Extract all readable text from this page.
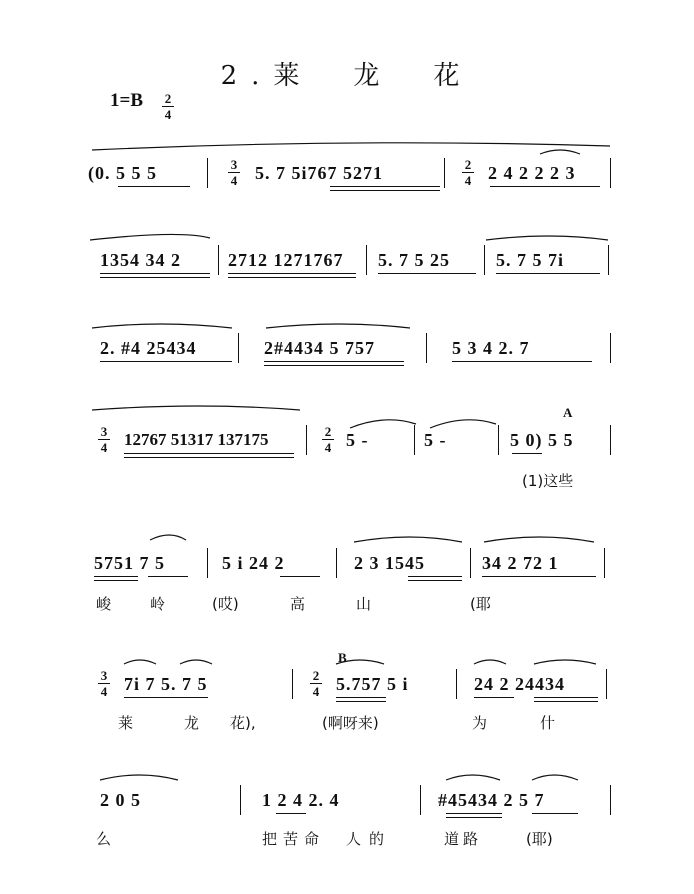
2.莱　龙　花
$1=B \frac{2}{4}$
(0. 5 5 5	$\frac{3}{4} 5$. 7 5i767 5271	$\frac{2}{4} 2$ 4 2 2 2 3
1354 34 2	2712 1271767 5. 7 5 25	5. 7 5 7i
2. #4 25434	2#4434 5 757	5 3 4 2. 7
$\frac{3}{4} 12767$ 51317 137175	$\frac{2}{4} 5$ -	5 -	5 0) 5 5
A
(1)这些
5751 7 5	5 i 24 2	2 3 1545	34 2 72 1
峻	岭	(哎)	高	山	(耶
$\frac{3}{4} 7i$ 7 5. 7 5	$\frac{2}{4} 5.757$ 5 i	24 2 24434
B
莱	龙 花),	(啊呀来)	为	什
2 0 5	1 2 4 2. 4	#45434 2 5 7
么	把苦命 人的	道路	(耶)
